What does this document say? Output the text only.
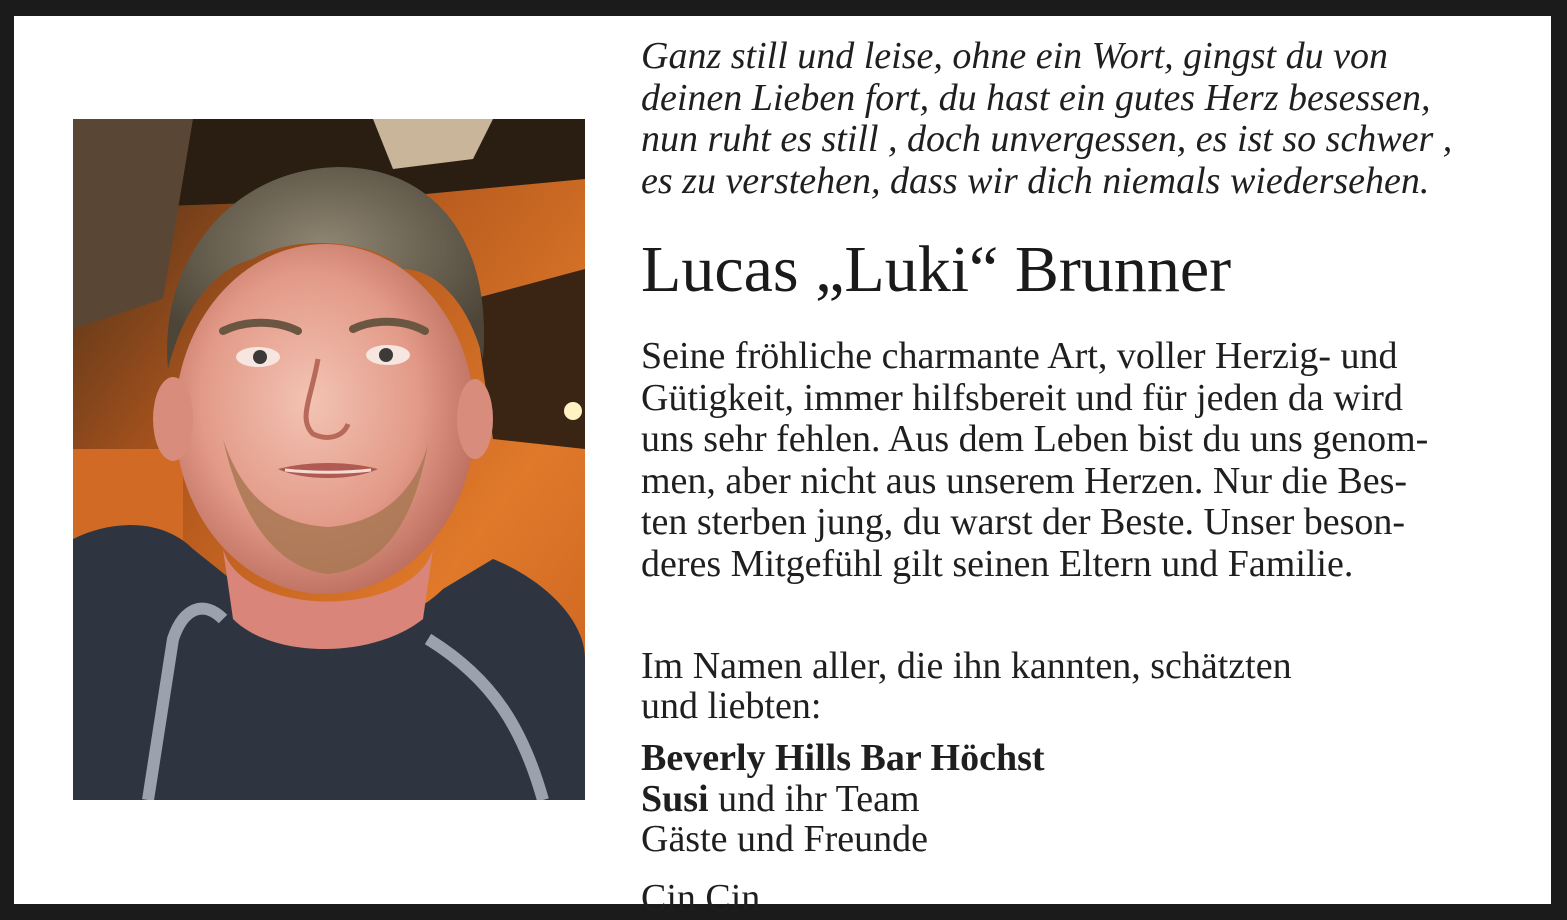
Ganz still und leise, ohne ein Wort, gingst du von
deinen Lieben fort, du hast ein gutes Herz besessen,
nun ruht es still , doch unvergessen, es ist so schwer ,
es zu verstehen, dass wir dich niemals wiedersehen.
Lucas „Luki“ Brunner
Seine fröhliche charmante Art, voller Herzig- und
Gütigkeit, immer hilfsbereit und für jeden da wird
uns sehr fehlen. Aus dem Leben bist du uns genom-
men, aber nicht aus unserem Herzen. Nur die Bes-
ten sterben jung, du warst der Beste. Unser beson-
deres Mitgefühl gilt seinen Eltern und Familie.
Im Namen aller, die ihn kannten, schätzten
und liebten:
Beverly Hills Bar Höchst
Susi und ihr Team
Gäste und Freunde
Cin Cin
